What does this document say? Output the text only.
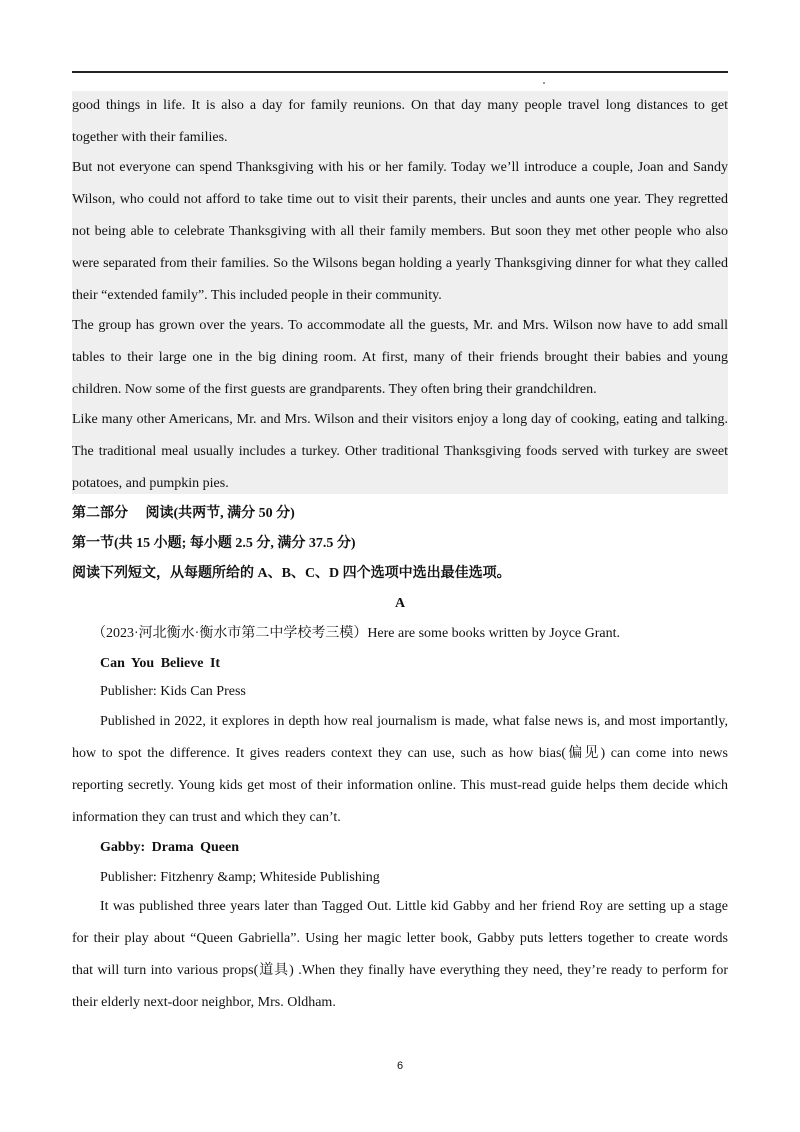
good things in life. It is also a day for family reunions. On that day many people travel long distances to get
together with their families.
But not everyone can spend Thanksgiving with his or her family. Today we’ll introduce a couple, Joan and Sandy
Wilson, who could not afford to take time out to visit their parents, their uncles and aunts one year. They regretted
not being able to celebrate Thanksgiving with all their family members. But soon they met other people who also
were separated from their families. So the Wilsons began holding a yearly Thanksgiving dinner for what they called
their “extended family”. This included people in their community.
The group has grown over the years. To accommodate all the guests, Mr. and Mrs. Wilson now have to add small
tables to their large one in the big dining room. At first, many of their friends brought their babies and young
children. Now some of the first guests are grandparents. They often bring their grandchildren.
Like many other Americans, Mr. and Mrs. Wilson and their visitors enjoy a long day of cooking, eating and talking.
The traditional meal usually includes a turkey. Other traditional Thanksgiving foods served with turkey are sweet
potatoes, and pumpkin pies.
第二部分　 阅读(共两节, 满分 50 分)
第一节(共 15 小题; 每小题 2.5 分, 满分 37.5 分)
阅读下列短文，从每题所给的 A、B、C、D 四个选项中选出最佳选项。
A
（2023·河北衡水·衡水市第二中学校考三模）Here are some books written by Joyce Grant.
Can You Believe It
Publisher: Kids Can Press
Published in 2022, it explores in depth how real journalism is made, what false news is, and most importantly,
how to spot the difference. It gives readers context they can use, such as how bias(偏见) can come into news
reporting secretly. Young kids get most of their information online. This must-read guide helps them decide which
information they can trust and which they can’t.
Gabby: Drama Queen
Publisher: Fitzhenry &amp; Whiteside Publishing
It was published three years later than Tagged Out. Little kid Gabby and her friend Roy are setting up a stage
for their play about “Queen Gabriella”. Using her magic letter book, Gabby puts letters together to create words
that will turn into various props(道具) .When they finally have everything they need, they’re ready to perform for
their elderly next-door neighbor, Mrs. Oldham.
6
